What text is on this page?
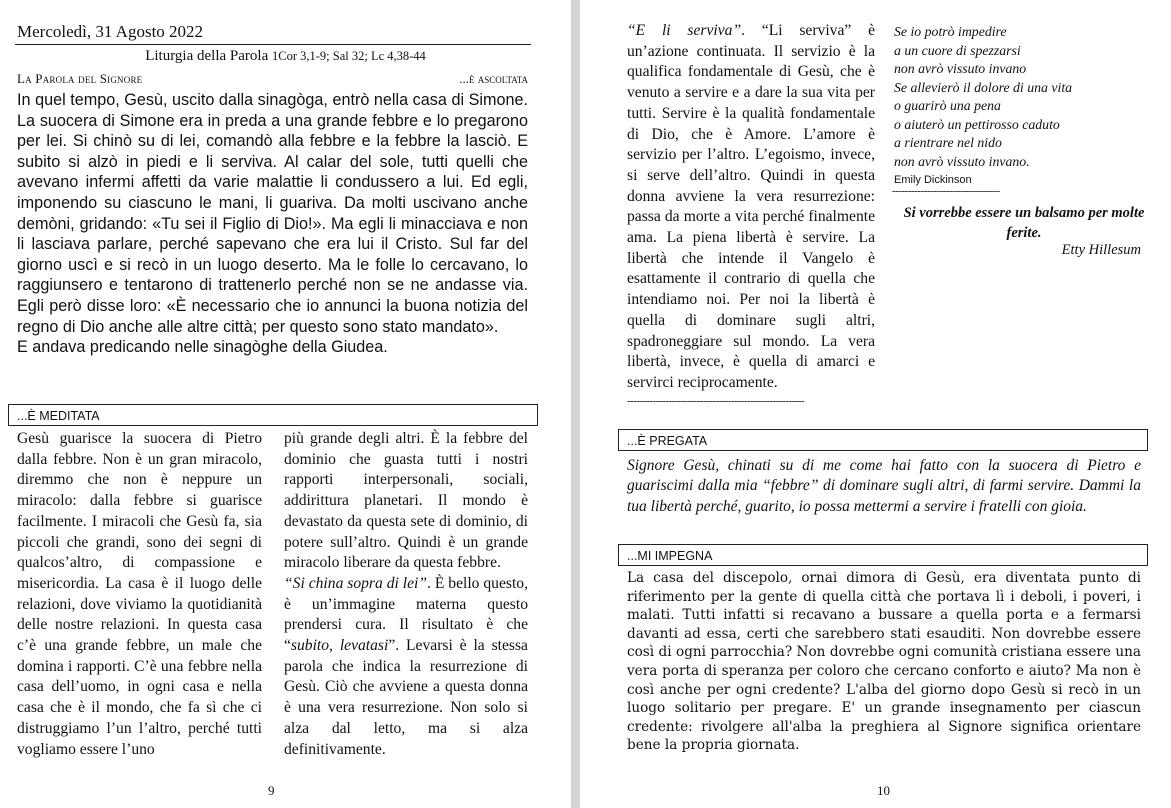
Mercoledì, 31 Agosto 2022
Liturgia della Parola 1Cor 3,1-9; Sal 32; Lc 4,38-44
La Parola del Signore	...è ascoltata

In quel tempo, Gesù, uscito dalla sinagòga, entrò nella casa di Simone. La suocera di Simone era in preda a una grande febbre e lo pregarono per lei. Si chinò su di lei, comandò alla febbre e la febbre la lasciò. E subito si alzò in piedi e li serviva. Al calar del sole, tutti quelli che avevano infermi affetti da varie malattie li condussero a lui. Ed egli, imponendo su ciascuno le mani, li guariva. Da molti uscivano anche demòni, gridando: «Tu sei il Figlio di Dio!». Ma egli li minacciava e non li lasciava parlare, perché sapevano che era lui il Cristo. Sul far del giorno uscì e si recò in un luogo deserto. Ma le folle lo cercavano, lo raggiunsero e tentarono di trattenerlo perché non se ne andasse via. Egli però disse loro: «È necessario che io annunci la buona notizia del regno di Dio anche alle altre città; per questo sono stato mandato».

E andava predicando nelle sinagòghe della Giudea.

...È MEDITATA

Gesù guarisce la suocera di Pietro dalla febbre. Non è un gran miracolo, diremmo che non è neppure un miracolo: dalla febbre si guarisce facilmente. I miracoli che Gesù fa, sia piccoli che grandi, sono dei segni di qualcos’altro, di compassione e misericordia. La casa è il luogo delle relazioni, dove viviamo la quotidianità delle nostre relazioni. In questa casa c’è una grande febbre, un male che domina i rapporti. C’è una febbre nella casa dell’uomo, in ogni casa e nella casa che è il mondo, che fa sì che ci distruggiamo l’un l’altro, perché tutti vogliamo essere l’uno

più grande degli altri. È la febbre del dominio che guasta tutti i nostri rapporti interpersonali, sociali, addirittura planetari. Il mondo è devastato da questa sete di dominio, di potere sull’altro. Quindi è un grande miracolo liberare da questa febbre.

“Si china sopra di lei”. È bello questo, è un’immagine materna questo prendersi cura. Il risultato è che “subito, levatasi”. Levarsi è la stessa parola che indica la resurrezione di Gesù. Ciò che avviene a questa donna è una vera resurrezione. Non solo si alza dal letto, ma si alza definitivamente.

9

“E li serviva”. “Li serviva” è un’azione continuata. Il servizio è la qualifica fondamentale di Gesù, che è venuto a servire e a dare la sua vita per tutti. Servire è la qualità fondamentale di Dio, che è Amore. L’amore è servizio per l’altro. L’egoismo, invece, si serve dell’altro. Quindi in questa donna avviene la vera resurrezione: passa da morte a vita perché finalmente ama. La piena libertà è servire. La libertà che intende il Vangelo è esattamente il contrario di quella che intendiamo noi. Per noi la libertà è quella di dominare sugli altri, spadroneggiare sul mondo. La vera libertà, invece, è quella di amarci e servirci reciprocamente.

--------------------------------------------------------
Se io potrò impedire
a un cuore di spezzarsi
non avrò vissuto invano
Se allevierò il dolore di una vita
o guarirò una pena
o aiuterò un pettirosso caduto
a rientrare nel nido
non avrò vissuto invano.
Emily Dickinson
----------------------------------
Si vorrebbe essere un balsamo per molte ferite.
Etty Hillesum
...È PREGATA
Signore Gesù, chinati su di me come hai fatto con la suocera di Pietro e guariscimi dalla mia “febbre” di dominare sugli altri, di farmi servire. Dammi la tua libertà perché, guarito, io possa mettermi a servire i fratelli con gioia.
...MI IMPEGNA
La casa del discepolo, ornai dimora di Gesù, era diventata punto di riferimento per la gente di quella città che portava lì i deboli, i poveri, i malati. Tutti infatti si recavano a bussare a quella porta e a fermarsi davanti ad essa, certi che sarebbero stati esauditi. Non dovrebbe essere così di ogni parrocchia? Non dovrebbe ogni comunità cristiana essere una vera porta di speranza per coloro che cercano conforto e aiuto? Ma non è così anche per ogni credente? L'alba del giorno dopo Gesù si recò in un luogo solitario per pregare. E' un grande insegnamento per ciascun credente: rivolgere all'alba la preghiera al Signore significa orientare bene la propria giornata.
10
